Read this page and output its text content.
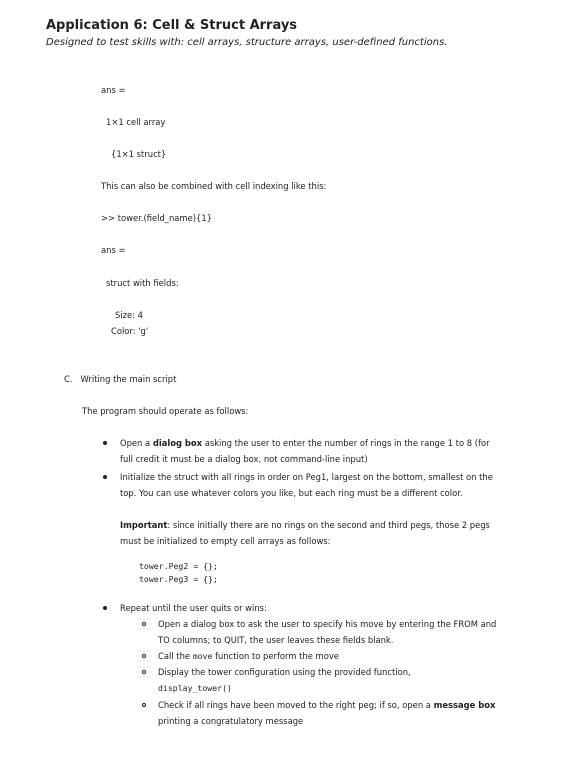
Application 6: Cell & Struct Arrays
Designed to test skills with: cell arrays, structure arrays, user-defined functions.
ans =
1×1 cell array
{1×1 struct}
This can also be combined with cell indexing like this:
>> tower.(field_name){1}
ans =
struct with fields:
Size: 4
Color: 'g'
C.   Writing the main script
The program should operate as follows:
Open a dialog box asking the user to enter the number of rings in the range 1 to 8 (for
full credit it must be a dialog box, not command-line input)
Initialize the struct with all rings in order on Peg1, largest on the bottom, smallest on the
top. You can use whatever colors you like, but each ring must be a different color.
Important: since initially there are no rings on the second and third pegs, those 2 pegs
must be initialized to empty cell arrays as follows:
tower.Peg2 = {};
tower.Peg3 = {};
Repeat until the user quits or wins:
Open a dialog box to ask the user to specify his move by entering the FROM and
TO columns; to QUIT, the user leaves these fields blank.
Call the move function to perform the move
Display the tower configuration using the provided function,
display_tower()
Check if all rings have been moved to the right peg; if so, open a message box
printing a congratulatory message
